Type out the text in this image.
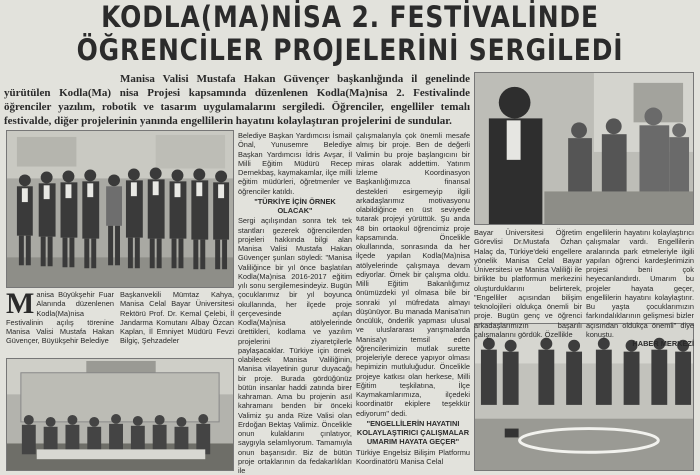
KODLA(MA)NİSA 2. FESTİVALİNDE
ÖĞRENCİLER PROJELERİNİ SERGİLEDİ
Manisa Valisi Mustafa Hakan Güvençer başkanlığında il genelinde yürütülen Kodla(Ma) nisa Projesi kapsamında düzenlenen Kodla(Ma)nisa 2. Festivalinde öğrenciler yazılım, robotik ve tasarım uygulamalarını sergiledi. Öğrenciler, engelliler temalı festivalde, diğer projelerinin yanında engellilerin hayatını kolaylaştıran projelerini de sundular.

Manisa Büyükşehir Fuar Alanında düzenlenen Kodla(Ma)nisa Festivalinin açılış törenine Manisa Valisi Mustafa Hakan Güvençer, Büyükşehir Belediye

Başkanvekili Mümtaz Kahya, Manisa Celal Bayar Üniversitesi Rektörü Prof. Dr. Kemal Çelebi, İl Jandarma Komutanı Albay Özcan Kaplan, İl Emniyet Müdürü Fevzi Bilgiç, Şehzadeler

Belediye Başkan Yardımcısı İsmail Önal, Yunusemre Belediye Başkan Yardımcısı İdris Avşar, İl Milli Eğitim Müdürü Recep Dernekbaş, kaymakamlar, ilçe milli eğitim müdürleri, öğretmenler ve öğrenciler katıldı.

"TÜRKİYE İÇİN ÖRNEK OLACAK"

Sergi açılışından sonra tek tek stantları gezerek öğrencilerden projeleri hakkında bilgi alan Manisa Valisi Mustafa Hakan Güvençer şunları söyledi: "Manisa Valiliğince bir yıl önce başlatılan Kodla(Ma)nisa 2016-2017 eğitim yılı sonu sergilemesindeyiz. Bugün çocuklarımız bir yıl boyunca okullarında, her ilçede proje çerçevesinde açılan Kodla(Ma)nisa atölyelerinde ürettikleri, kodlama ve yazılım projelerini ziyaretçilerle paylaşacaklar. Türkiye için örnek olabilecek Manisa Valiliğinin, Manisa vilayetinin gurur duyacağı bir proje. Burada gördüğünüz bütün insanlar haddi zatında birer kahraman. Ama bu projenin asıl kahramanı benden bir önceki Valimiz şu anda Rize Valisi olan Erdoğan Bektaş Valimiz. Öncelikle onun kulaklarını çınlatıyor, saygıyla selamlıyorum. Tamamıyla onun başarısıdır. Biz de bütün proje ortaklarının da fedakarlıkları ile

çalışmalarıyla çok önemli mesafe almış bir proje. Ben de değerli Valimin bu proje başlangıcını bir miras olarak addettim. Yatırım İzleme Koordinasyon Başkanlığımızca finansal destekleri esirgemeyip ilgili arkadaşlarımız motivasyonu olabildiğince en üst seviyede tutarak projeyi yürüttük. Şu anda 48 bin ortaokul öğrencimiz proje kapsamında. Öncelikle okullarında, sonrasında da her ilçede yapılan Kodla(Ma)nisa atölyelerinde çalışmaya devam ediyorlar. Örnek bir çalışma oldu. Milli Eğitim Bakanlığımız önümüzdeki yıl olmasa bile bir sonraki yıl müfredata almayı düşünüyor. Bu manada Manisa'nın öncülük, önderlik yapması ulusal ve uluslararası yarışmalarda Manisa'yı temsil eden öğrencilerimizin mutlak surette projeleriyle derece yapıyor olması hepimizin mutluluğudur. Öncelikle projeye katkısı olan herkese, Milli Eğitim teşkilatına, İlçe Kaymakamlarımıza, ilçedeki koordinatör ekiplere teşekkür ediyorum" dedi.

"ENGELLİLERİN HAYATINI KOLAYLAŞTIRICI ÇALIŞMALAR UMARIM HAYATA GEÇER"

Türkiye Engelsiz Bilişim Platformu Koordinatörü Manisa Celal

Bayar Üniversitesi Öğretim Görevlisi Dr.Mustafa Özhan Halaç da, Türkiye'deki engellere yönelik Manisa Celal Bayar Üniversitesi ve Manisa Valiliği ile birlikte bu platformun merkezini oluşturduklarını belirterek, "Engelliler açısından bilişim teknolojileri oldukça önemli bir proje. Bugün genç ve öğrenci arkadaşlarımızın başarılı çalışmalarını gördük. Özellikle

engellilerin hayatını kolaylaştırıcı çalışmalar vardı. Engellilerin aralarında park etmeleriyle ilgili yapılan öğrenci kardeşlerimizin projesi beni çok heyecanlandırdı. Umarım bu projeler hayata geçer, engellilerin hayatını kolaylaştırır. Bu yaşta çocuklarımızın farkındalıklarının gelişmesi bizler açısından oldukça önemli" diye konuştu.

HABER MERKEZİ
